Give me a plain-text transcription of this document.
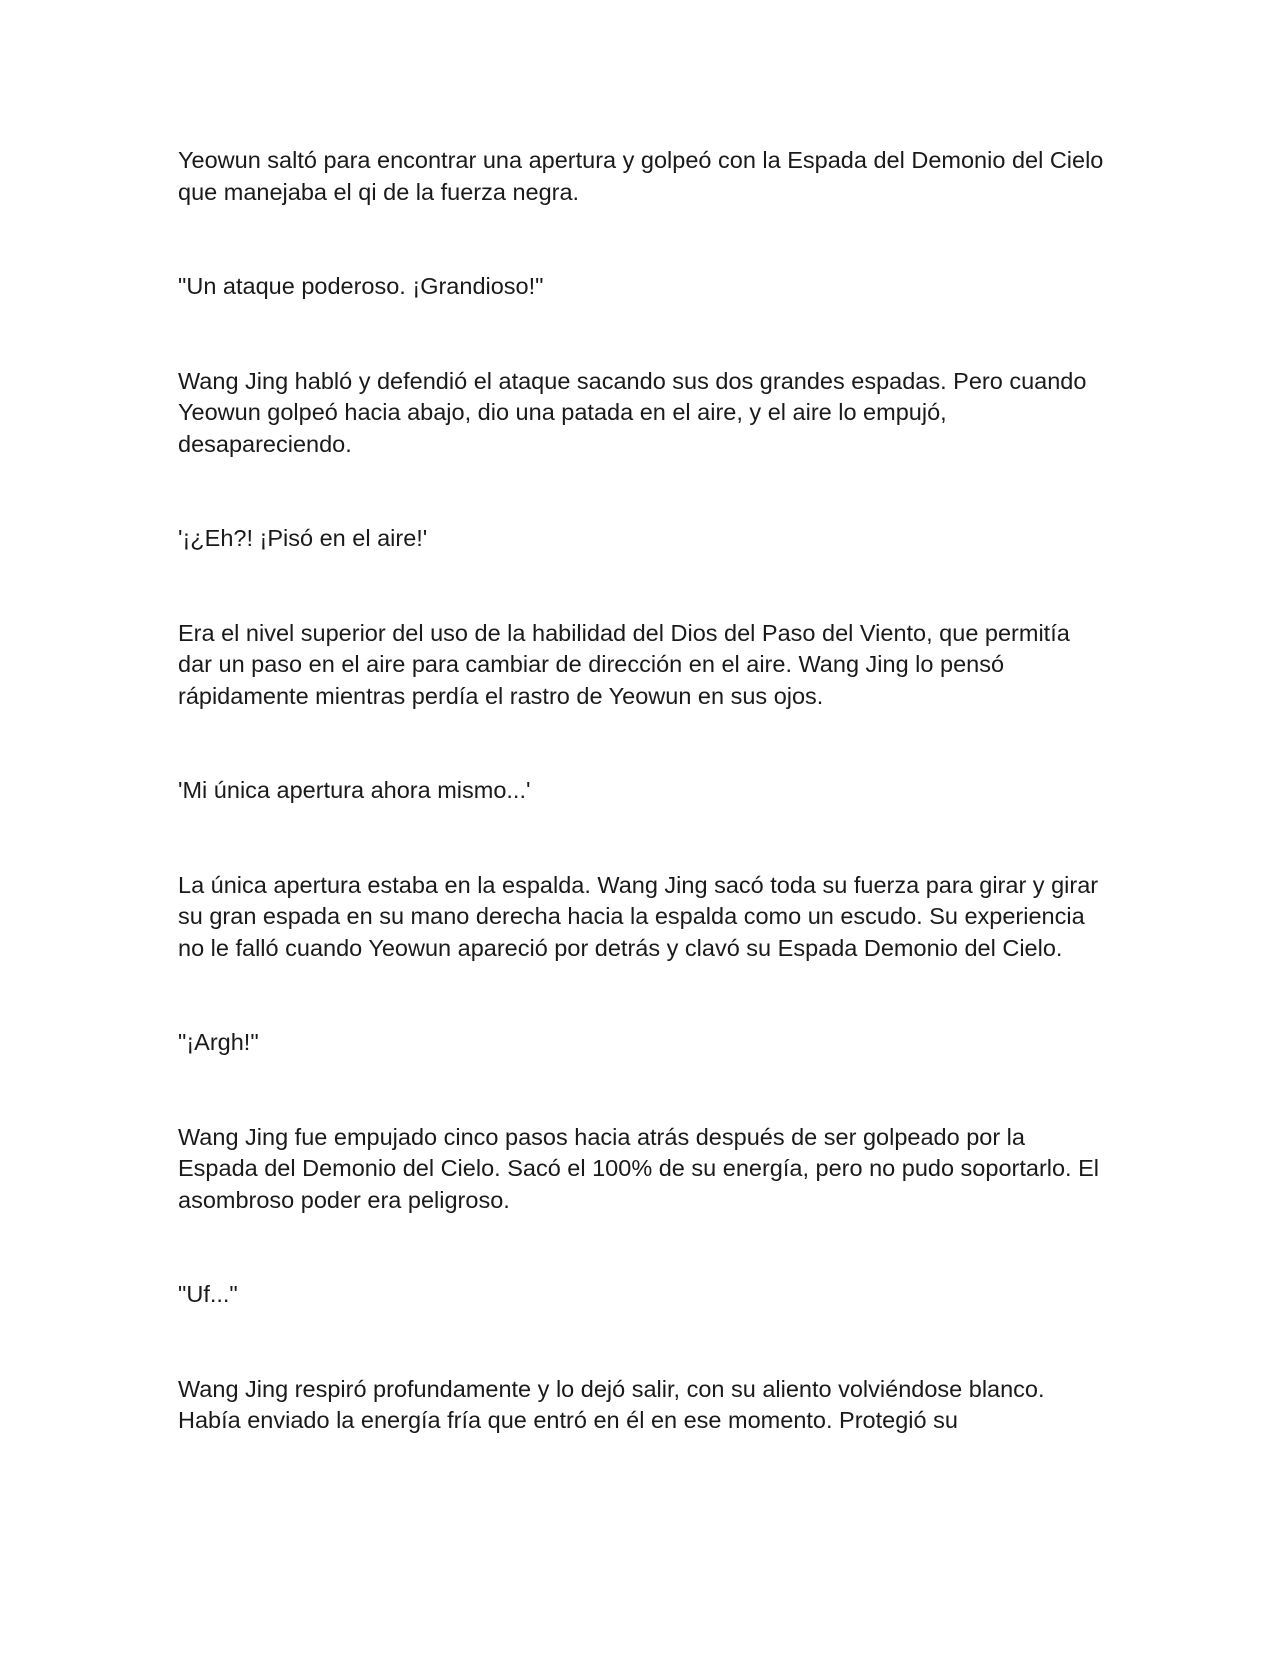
Yeowun saltó para encontrar una apertura y golpeó con la Espada del Demonio del Cielo que manejaba el qi de la fuerza negra.

"Un ataque poderoso. ¡Grandioso!"

Wang Jing habló y defendió el ataque sacando sus dos grandes espadas. Pero cuando Yeowun golpeó hacia abajo, dio una patada en el aire, y el aire lo empujó, desapareciendo.

'¡¿Eh?! ¡Pisó en el aire!'

Era el nivel superior del uso de la habilidad del Dios del Paso del Viento, que permitía dar un paso en el aire para cambiar de dirección en el aire. Wang Jing lo pensó rápidamente mientras perdía el rastro de Yeowun en sus ojos.

'Mi única apertura ahora mismo...'

La única apertura estaba en la espalda. Wang Jing sacó toda su fuerza para girar y girar su gran espada en su mano derecha hacia la espalda como un escudo. Su experiencia no le falló cuando Yeowun apareció por detrás y clavó su Espada Demonio del Cielo.

"¡Argh!"

Wang Jing fue empujado cinco pasos hacia atrás después de ser golpeado por la Espada del Demonio del Cielo. Sacó el 100% de su energía, pero no pudo soportarlo. El asombroso poder era peligroso.

"Uf..."

Wang Jing respiró profundamente y lo dejó salir, con su aliento volviéndose blanco. Había enviado la energía fría que entró en él en ese momento. Protegió su
